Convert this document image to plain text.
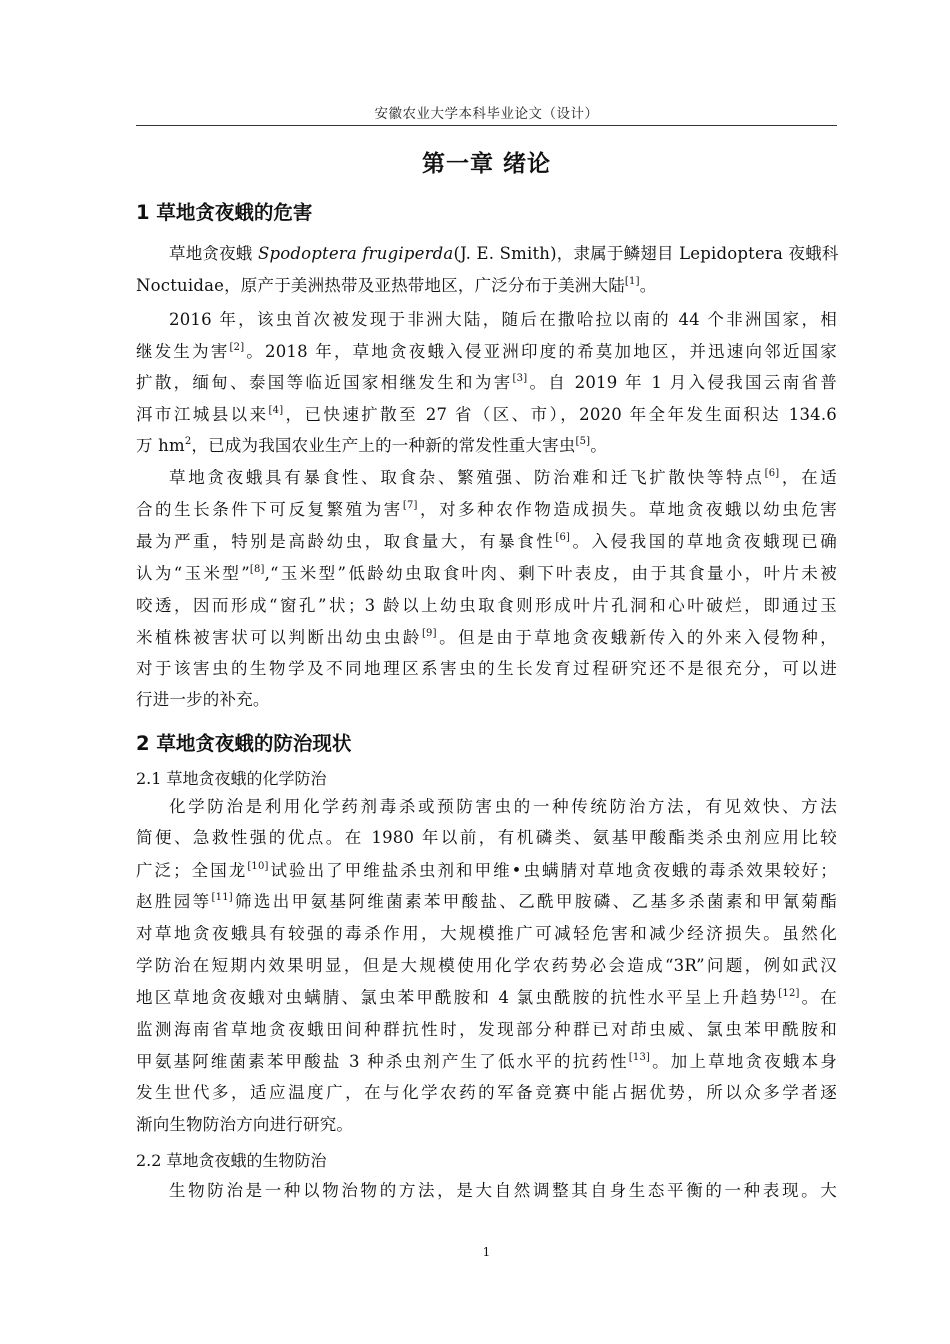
安徽农业大学本科毕业论文（设计）
第一章 绪论
1 草地贪夜蛾的危害
草地贪夜蛾 Spodoptera frugiperda(J. E. Smith)，隶属于鳞翅目 Lepidoptera 夜蛾科
Noctuidae，原产于美洲热带及亚热带地区，广泛分布于美洲大陆[1]。
2016 年，该虫首次被发现于非洲大陆，随后在撒哈拉以南的 44 个非洲国家，相
继发生为害[2]。2018 年，草地贪夜蛾入侵亚洲印度的希莫加地区，并迅速向邻近国家
扩散，缅甸、泰国等临近国家相继发生和为害[3]。自 2019 年 1 月入侵我国云南省普
洱市江城县以来[4]，已快速扩散至 27 省（区、市），2020 年全年发生面积达 134.6
万 $hm^2$，已成为我国农业生产上的一种新的常发性重大害虫[5]。
草地贪夜蛾具有暴食性、取食杂、繁殖强、防治难和迁飞扩散快等特点[6]，在适
合的生长条件下可反复繁殖为害[7]，对多种农作物造成损失。草地贪夜蛾以幼虫危害
最为严重，特别是高龄幼虫，取食量大，有暴食性[6]。入侵我国的草地贪夜蛾现已确
认为“玉米型”[8],“玉米型”低龄幼虫取食叶肉、剩下叶表皮，由于其食量小，叶片未被
咬透，因而形成“窗孔”状；3 龄以上幼虫取食则形成叶片孔洞和心叶破烂，即通过玉
米植株被害状可以判断出幼虫虫龄[9]。但是由于草地贪夜蛾新传入的外来入侵物种，
对于该害虫的生物学及不同地理区系害虫的生长发育过程研究还不是很充分，可以进
行进一步的补充。
2 草地贪夜蛾的防治现状
2.1 草地贪夜蛾的化学防治
化学防治是利用化学药剂毒杀或预防害虫的一种传统防治方法，有见效快、方法
简便、急救性强的优点。在 1980 年以前，有机磷类、氨基甲酸酯类杀虫剂应用比较
广泛；全国龙[10]试验出了甲维盐杀虫剂和甲维•虫螨腈对草地贪夜蛾的毒杀效果较好；
赵胜园等[11]筛选出甲氨基阿维菌素苯甲酸盐、乙酰甲胺磷、乙基多杀菌素和甲氰菊酯
对草地贪夜蛾具有较强的毒杀作用，大规模推广可减轻危害和减少经济损失。虽然化
学防治在短期内效果明显，但是大规模使用化学农药势必会造成“3R”问题，例如武汉
地区草地贪夜蛾对虫螨腈、氯虫苯甲酰胺和 4 氯虫酰胺的抗性水平呈上升趋势[12]。在
监测海南省草地贪夜蛾田间种群抗性时，发现部分种群已对茚虫威、氯虫苯甲酰胺和
甲氨基阿维菌素苯甲酸盐 3 种杀虫剂产生了低水平的抗药性[13]。加上草地贪夜蛾本身
发生世代多，适应温度广，在与化学农药的军备竞赛中能占据优势，所以众多学者逐
渐向生物防治方向进行研究。
2.2 草地贪夜蛾的生物防治
生物防治是一种以物治物的方法，是大自然调整其自身生态平衡的一种表现。大
1
